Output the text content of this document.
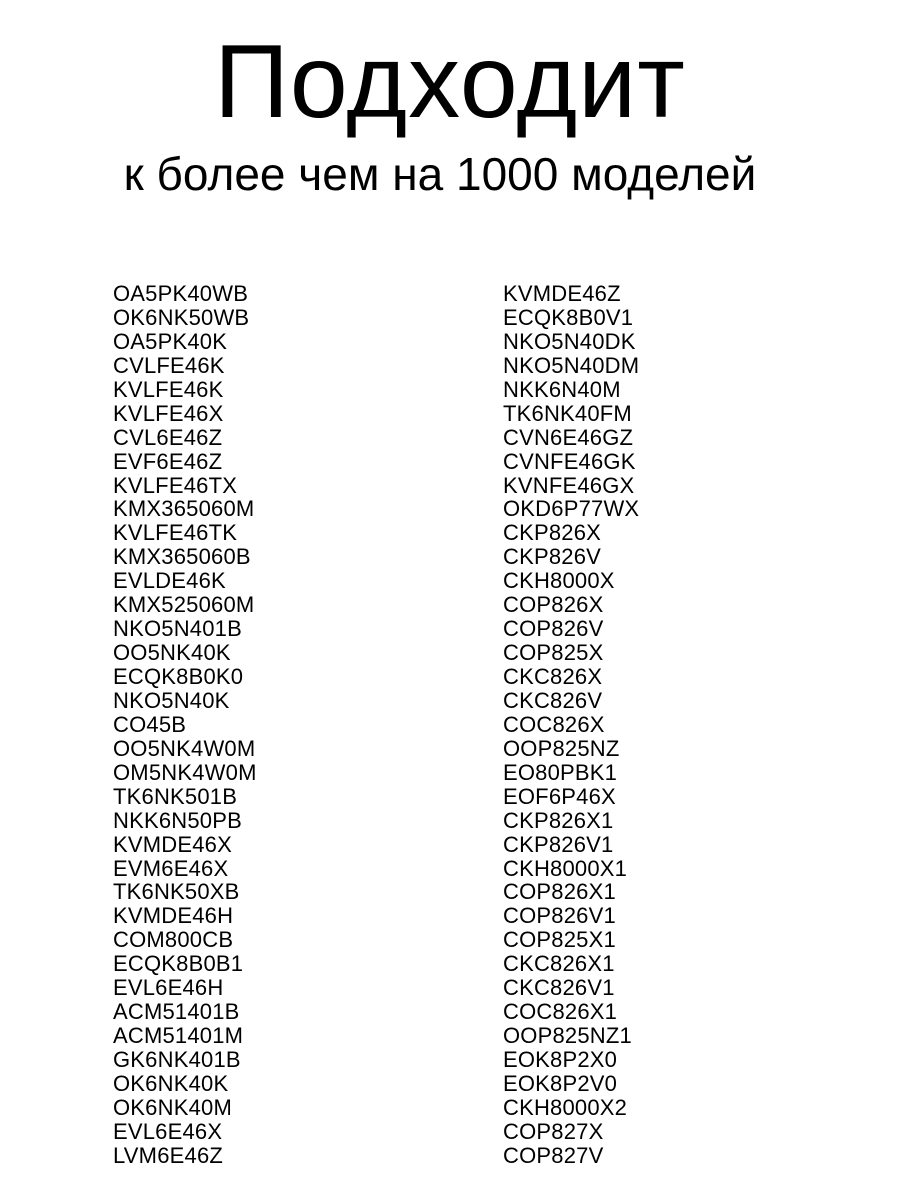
Подходит

к более чем на 1000 моделей

OA5PK40WB
OK6NK50WB
OA5PK40K
CVLFE46K
KVLFE46K
KVLFE46X
CVL6E46Z
EVF6E46Z
KVLFE46TX
KMX365060M
KVLFE46TK
KMX365060B
EVLDE46K
KMX525060M
NKO5N401B
OO5NK40K
ECQK8B0K0
NKO5N40K
CO45B
OO5NK4W0M
OM5NK4W0M
TK6NK501B
NKK6N50PB
KVMDE46X
EVM6E46X
TK6NK50XB
KVMDE46H
COM800CB
ECQK8B0B1
EVL6E46H
ACM51401B
ACM51401M
GK6NK401B
OK6NK40K
OK6NK40M
EVL6E46X
LVM6E46Z
KVMDE46Z
ECQK8B0V1
NKO5N40DK
NKO5N40DM
NKK6N40M
TK6NK40FM
CVN6E46GZ
CVNFE46GK
KVNFE46GX
OKD6P77WX
CKP826X
CKP826V
CKH8000X
COP826X
COP826V
COP825X
CKC826X
CKC826V
COC826X
OOP825NZ
EO80PBK1
EOF6P46X
CKP826X1
CKP826V1
CKH8000X1
COP826X1
COP826V1
COP825X1
CKC826X1
CKC826V1
COC826X1
OOP825NZ1
EOK8P2X0
EOK8P2V0
CKH8000X2
COP827X
COP827V
